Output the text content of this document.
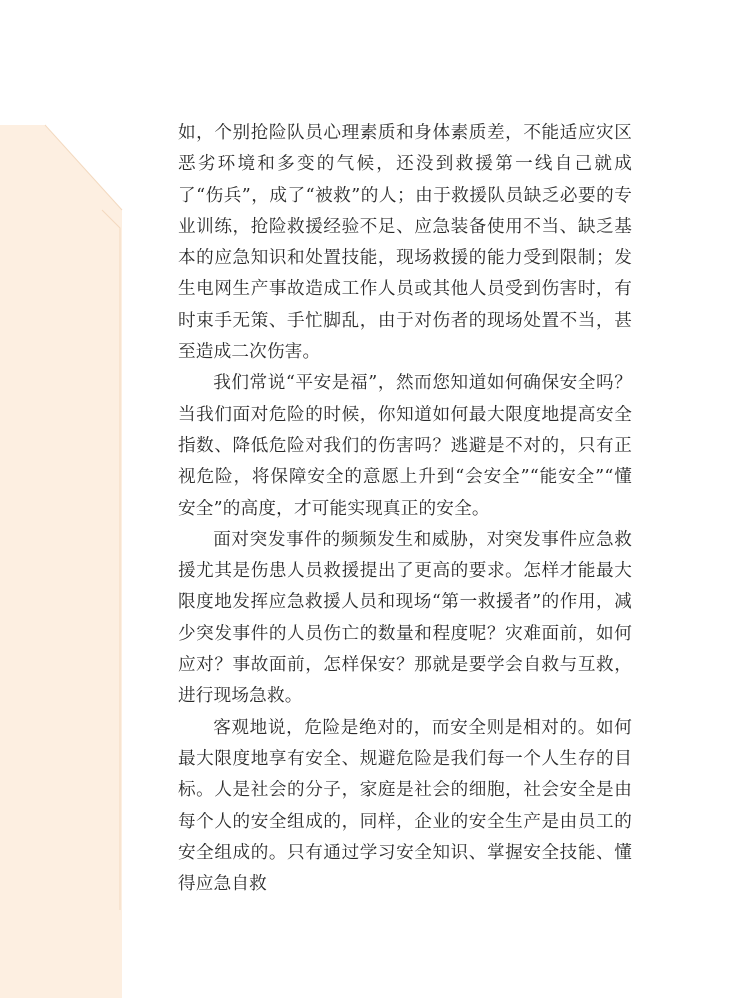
如，个别抢险队员心理素质和身体素质差，不能适应灾区恶劣环境和多变的气候，还没到救援第一线自己就成了“伤兵”，成了“被救”的人；由于救援队员缺乏必要的专业训练，抢险救援经验不足、应急装备使用不当、缺乏基本的应急知识和处置技能，现场救援的能力受到限制；发生电网生产事故造成工作人员或其他人员受到伤害时，有时束手无策、手忙脚乱，由于对伤者的现场处置不当，甚至造成二次伤害。

我们常说“平安是福”，然而您知道如何确保安全吗？当我们面对危险的时候，你知道如何最大限度地提高安全指数、降低危险对我们的伤害吗？逃避是不对的，只有正视危险，将保障安全的意愿上升到“会安全”“能安全”“懂安全”的高度，才可能实现真正的安全。

面对突发事件的频频发生和威胁，对突发事件应急救援尤其是伤患人员救援提出了更高的要求。怎样才能最大限度地发挥应急救援人员和现场“第一救援者”的作用，减少突发事件的人员伤亡的数量和程度呢？灾难面前，如何应对？事故面前，怎样保安？那就是要学会自救与互救，进行现场急救。

客观地说，危险是绝对的，而安全则是相对的。如何最大限度地享有安全、规避危险是我们每一个人生存的目标。人是社会的分子，家庭是社会的细胞，社会安全是由每个人的安全组成的，同样，企业的安全生产是由员工的安全组成的。只有通过学习安全知识、掌握安全技能、懂得应急自救
